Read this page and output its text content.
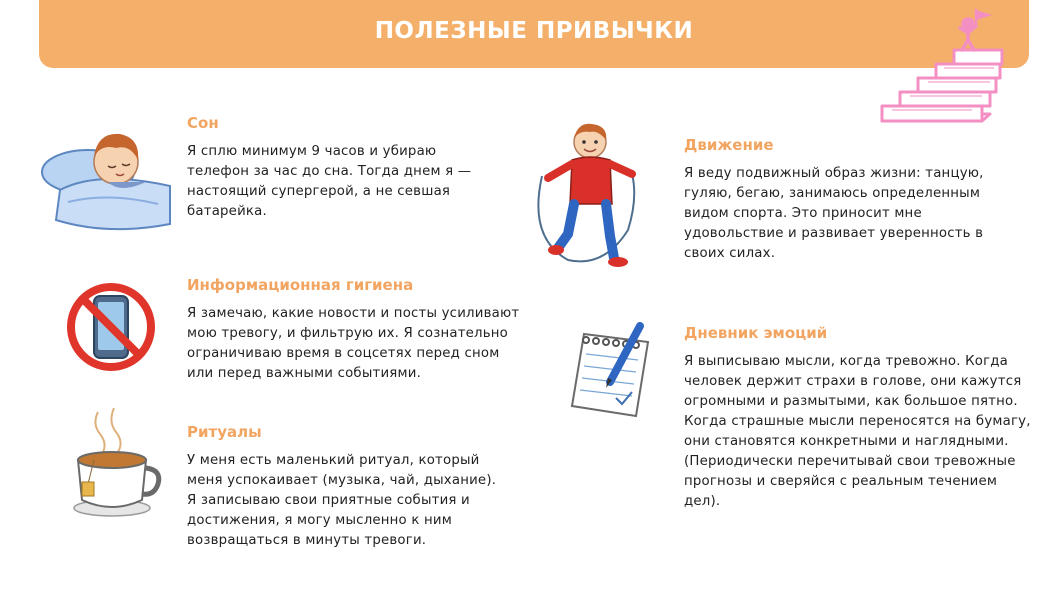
ПОЛЕЗНЫЕ ПРИВЫЧКИ
Сон
Я сплю минимум 9 часов и убираю
телефон за час до сна. Тогда днем я —
настоящий супергерой, а не севшая
батарейка.
Информационная гигиена
Я замечаю, какие новости и посты усиливают
мою тревогу, и фильтрую их. Я сознательно
ограничиваю время в соцсетях перед сном
или перед важными событиями.
Ритуалы
У меня есть маленький ритуал, который
меня успокаивает (музыка, чай, дыхание).
Я записываю свои приятные события и
достижения, я могу мысленно к ним
возвращаться в минуты тревоги.
Движение
Я веду подвижный образ жизни: танцую,
гуляю, бегаю, занимаюсь определенным
видом спорта. Это приносит мне
удовольствие и развивает уверенность в
своих силах.
Дневник эмоций
Я выписываю мысли, когда тревожно. Когда
человек держит страхи в голове, они кажутся
огромными и размытыми, как большое пятно.
Когда страшные мысли переносятся на бумагу,
они становятся конкретными и наглядными.
(Периодически перечитывай свои тревожные
прогнозы и сверяйся с реальным течением
дел).
